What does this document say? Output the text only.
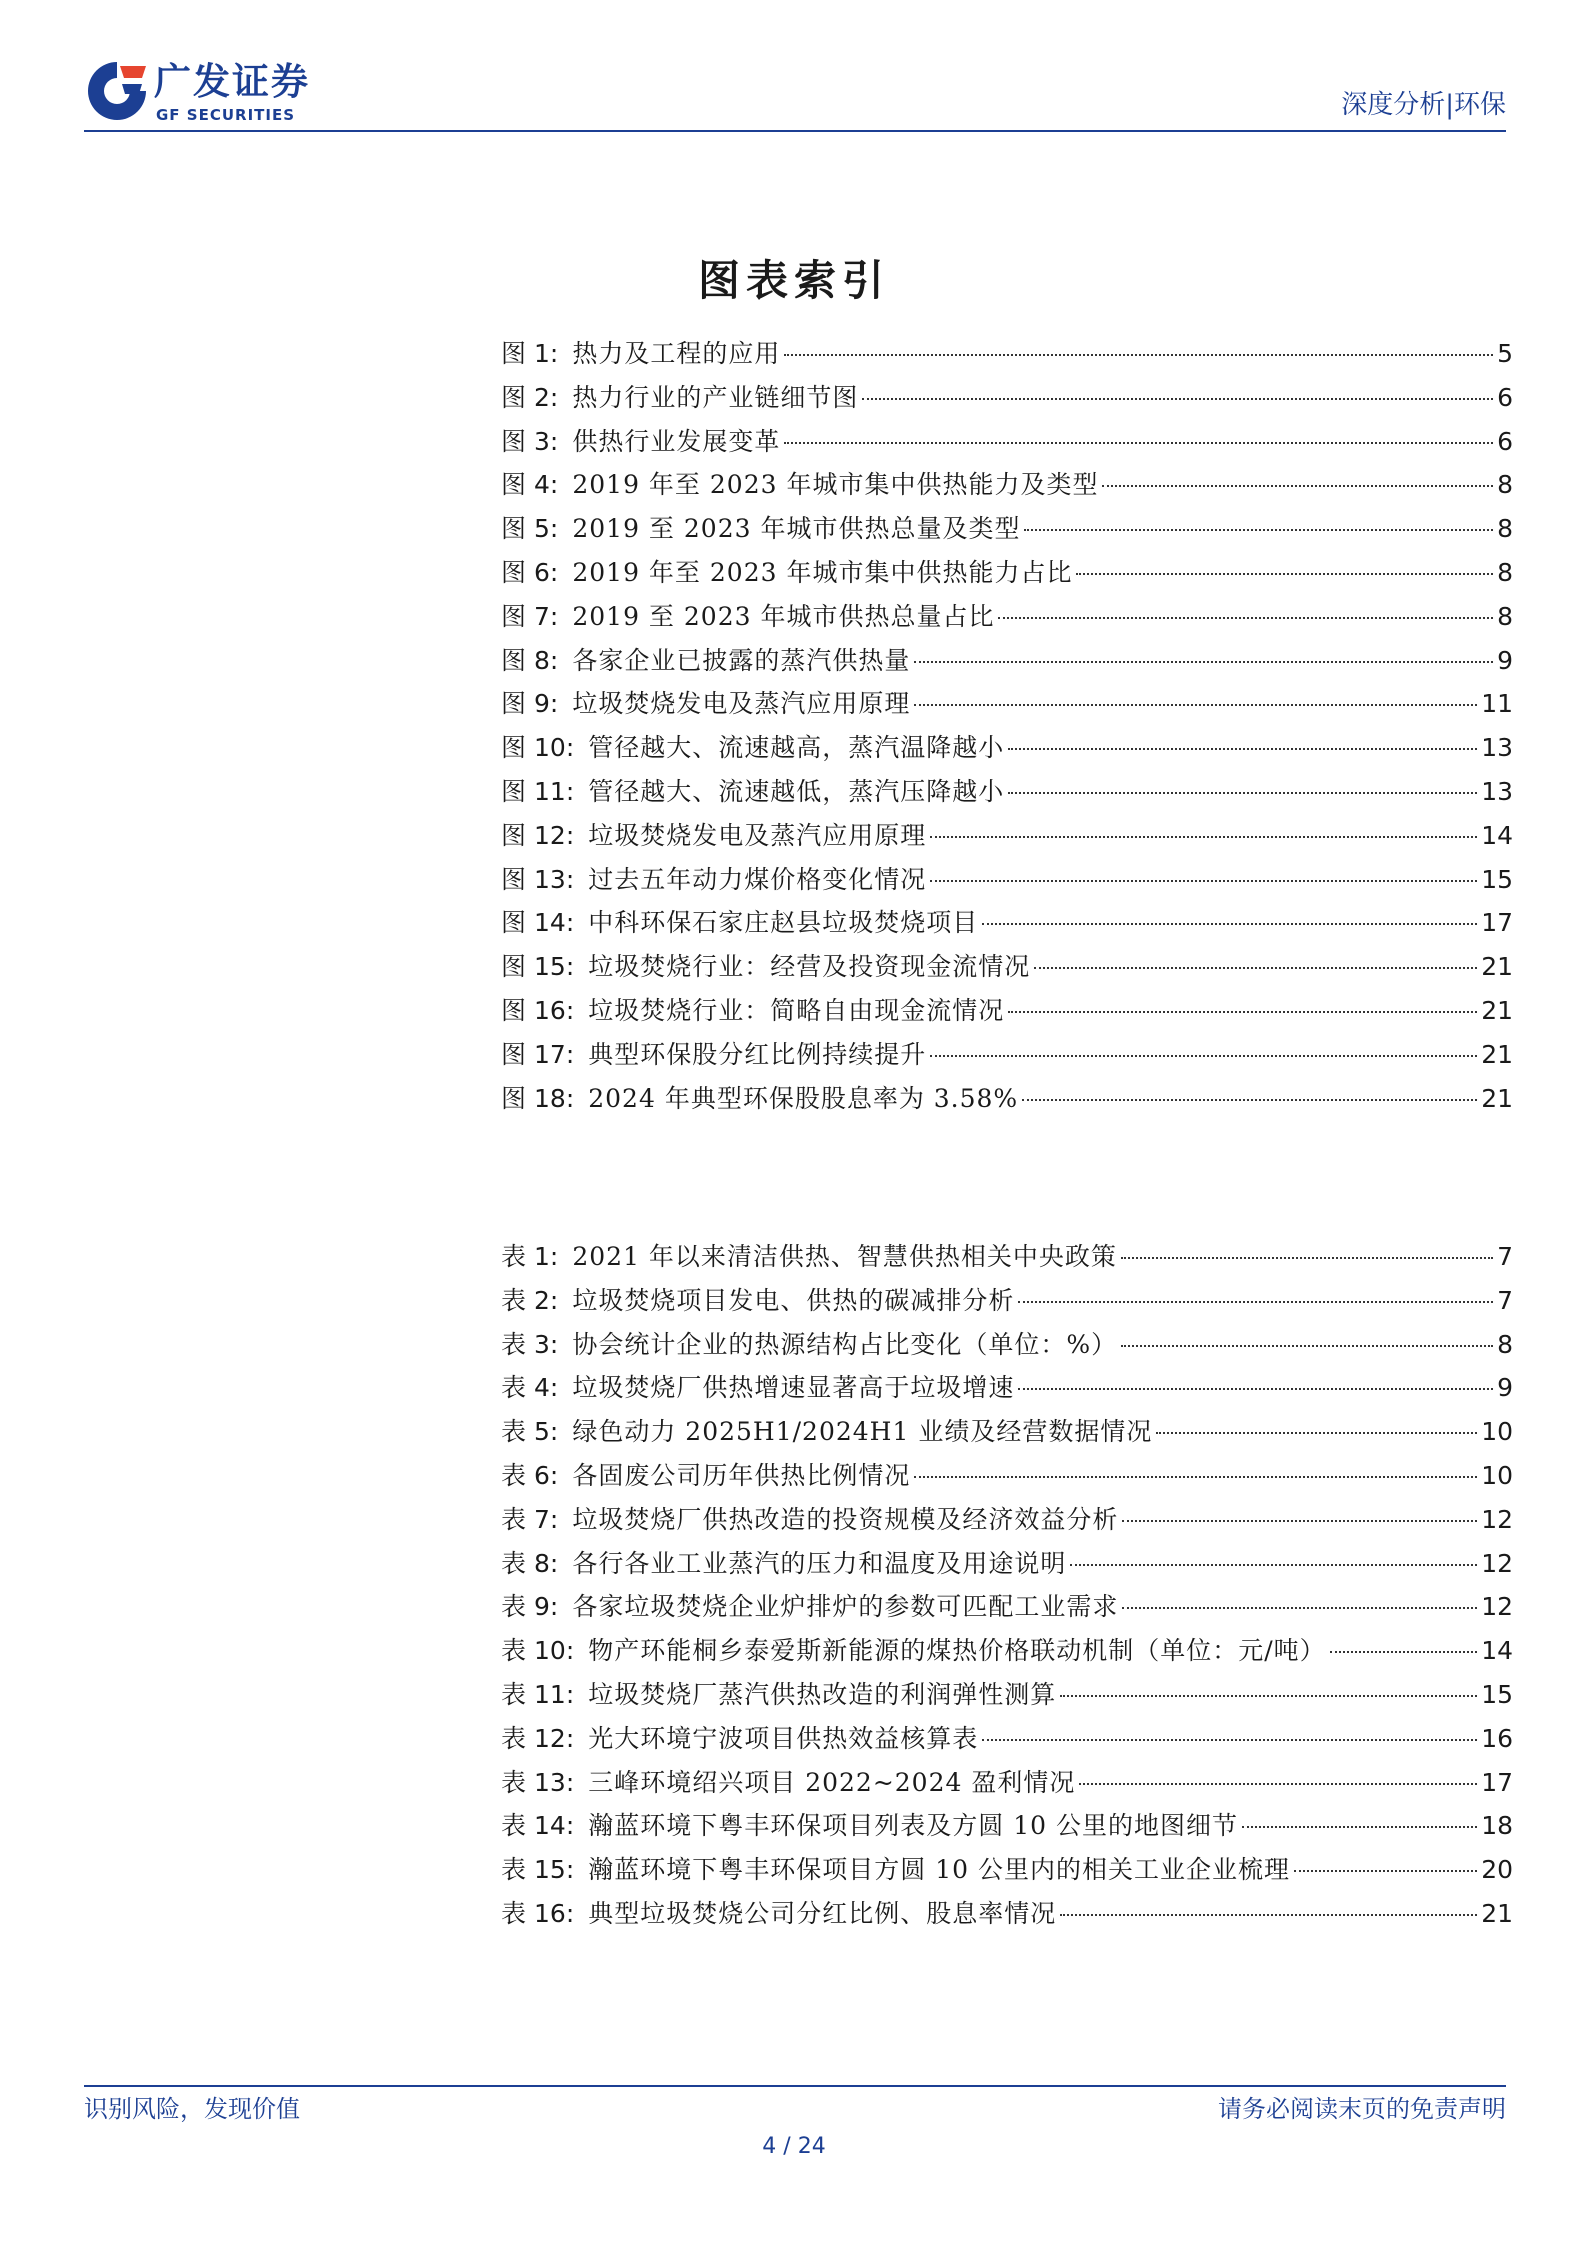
广发证券
GF SECURITIES	深度分析|环保
图表索引
图 1: 热力及工程的应用	5
图 2: 热力行业的产业链细节图	6
图 3: 供热行业发展变革	6
图 4: 2019 年至 2023 年城市集中供热能力及类型	8
图 5: 2019 至 2023 年城市供热总量及类型	8
图 6: 2019 年至 2023 年城市集中供热能力占比	8
图 7: 2019 至 2023 年城市供热总量占比	8
图 8: 各家企业已披露的蒸汽供热量	9
图 9: 垃圾焚烧发电及蒸汽应用原理	11
图 10: 管径越大、流速越高，蒸汽温降越小	13
图 11: 管径越大、流速越低，蒸汽压降越小	13
图 12: 垃圾焚烧发电及蒸汽应用原理	14
图 13: 过去五年动力煤价格变化情况	15
图 14: 中科环保石家庄赵县垃圾焚烧项目	17
图 15: 垃圾焚烧行业：经营及投资现金流情况	21
图 16: 垃圾焚烧行业：简略自由现金流情况	21
图 17: 典型环保股分红比例持续提升	21
图 18: 2024 年典型环保股股息率为 3.58%	21
表 1: 2021 年以来清洁供热、智慧供热相关中央政策	7
表 2: 垃圾焚烧项目发电、供热的碳减排分析	7
表 3: 协会统计企业的热源结构占比变化（单位：%）	8
表 4: 垃圾焚烧厂供热增速显著高于垃圾增速	9
表 5: 绿色动力 2025H1/2024H1 业绩及经营数据情况	10
表 6: 各固废公司历年供热比例情况	10
表 7: 垃圾焚烧厂供热改造的投资规模及经济效益分析	12
表 8: 各行各业工业蒸汽的压力和温度及用途说明	12
表 9: 各家垃圾焚烧企业炉排炉的参数可匹配工业需求	12
表 10: 物产环能桐乡泰爱斯新能源的煤热价格联动机制（单位：元/吨）	14
表 11: 垃圾焚烧厂蒸汽供热改造的利润弹性测算	15
表 12: 光大环境宁波项目供热效益核算表	16
表 13: 三峰环境绍兴项目 2022~2024 盈利情况	17
表 14: 瀚蓝环境下粤丰环保项目列表及方圆 10 公里的地图细节	18
表 15: 瀚蓝环境下粤丰环保项目方圆 10 公里内的相关工业企业梳理	20
表 16: 典型垃圾焚烧公司分红比例、股息率情况	21
识别风险，发现价值	请务必阅读末页的免责声明
4 / 24
